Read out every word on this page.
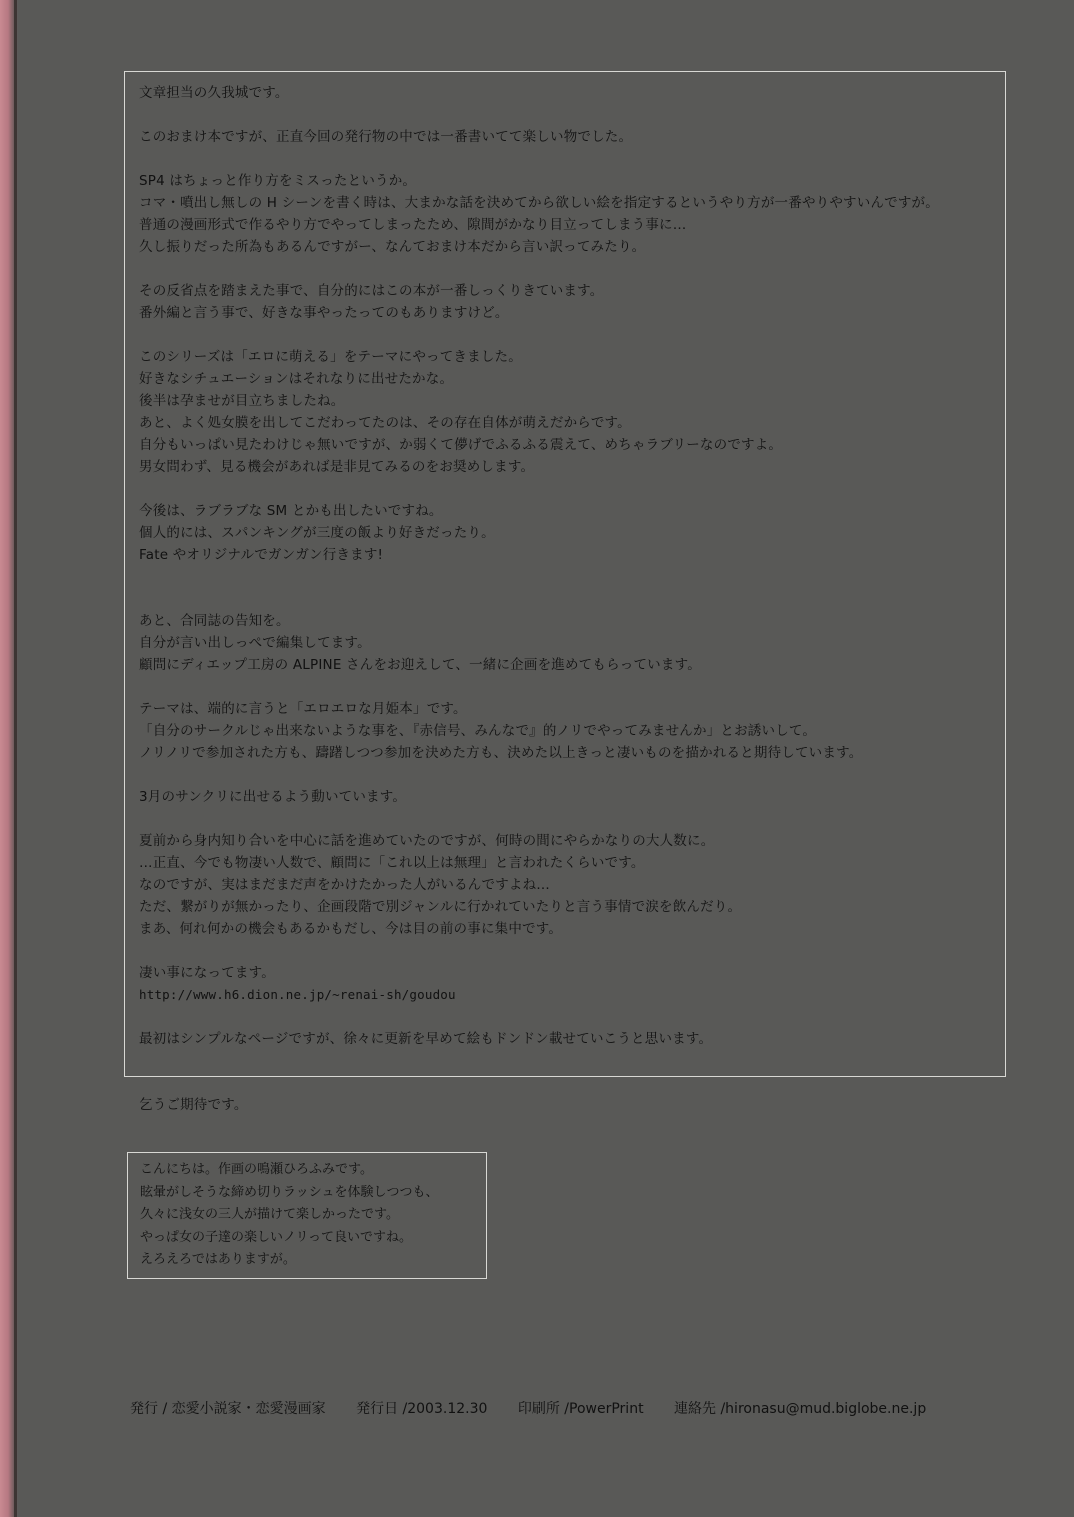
文章担当の久我城です。
このおまけ本ですが、正直今回の発行物の中では一番書いてて楽しい物でした。
SP4 はちょっと作り方をミスったというか。
コマ・噴出し無しの H シーンを書く時は、大まかな話を決めてから欲しい絵を指定するというやり方が一番やりやすいんですが。
普通の漫画形式で作るやり方でやってしまったため、隙間がかなり目立ってしまう事に…
久し振りだった所為もあるんですがー、なんておまけ本だから言い訳ってみたり。
その反省点を踏まえた事で、自分的にはこの本が一番しっくりきています。
番外編と言う事で、好きな事やったってのもありますけど。
このシリーズは「エロに萌える」をテーマにやってきました。
好きなシチュエーションはそれなりに出せたかな。
後半は孕ませが目立ちましたね。
あと、よく処女膜を出してこだわってたのは、その存在自体が萌えだからです。
自分もいっぱい見たわけじゃ無いですが、か弱くて儚げでふるふる震えて、めちゃラブリーなのですよ。
男女問わず、見る機会があれば是非見てみるのをお奨めします。
今後は、ラブラブな SM とかも出したいですね。
個人的には、スパンキングが三度の飯より好きだったり。
Fate やオリジナルでガンガン行きます!
あと、合同誌の告知を。
自分が言い出しっぺで編集してます。
顧問にディエップ工房の ALPINE さんをお迎えして、一緒に企画を進めてもらっています。
テーマは、端的に言うと「エロエロな月姫本」です。
「自分のサークルじゃ出来ないような事を、『赤信号、みんなで』的ノリでやってみませんか」とお誘いして。
ノリノリで参加された方も、躊躇しつつ参加を決めた方も、決めた以上きっと凄いものを描かれると期待しています。
3月のサンクリに出せるよう動いています。
夏前から身内知り合いを中心に話を進めていたのですが、何時の間にやらかなりの大人数に。
…正直、今でも物凄い人数で、顧問に「これ以上は無理」と言われたくらいです。
なのですが、実はまだまだ声をかけたかった人がいるんですよね…
ただ、繋がりが無かったり、企画段階で別ジャンルに行かれていたりと言う事情で涙を飲んだり。
まあ、何れ何かの機会もあるかもだし、今は目の前の事に集中です。
凄い事になってます。
http://www.h6.dion.ne.jp/~renai-sh/goudou
最初はシンプルなページですが、徐々に更新を早めて絵もドンドン載せていこうと思います。
乞うご期待です。
こんにちは。作画の鳴瀬ひろふみです。
眩暈がしそうな締め切りラッシュを体験しつつも、
久々に浅女の三人が描けて楽しかったです。
やっぱ女の子達の楽しいノリって良いですね。
えろえろではありますが。
発行 / 恋愛小説家・恋愛漫画家 発行日 /2003.12.30 印刷所 /PowerPrint 連絡先 /hironasu@mud.biglobe.ne.jp
